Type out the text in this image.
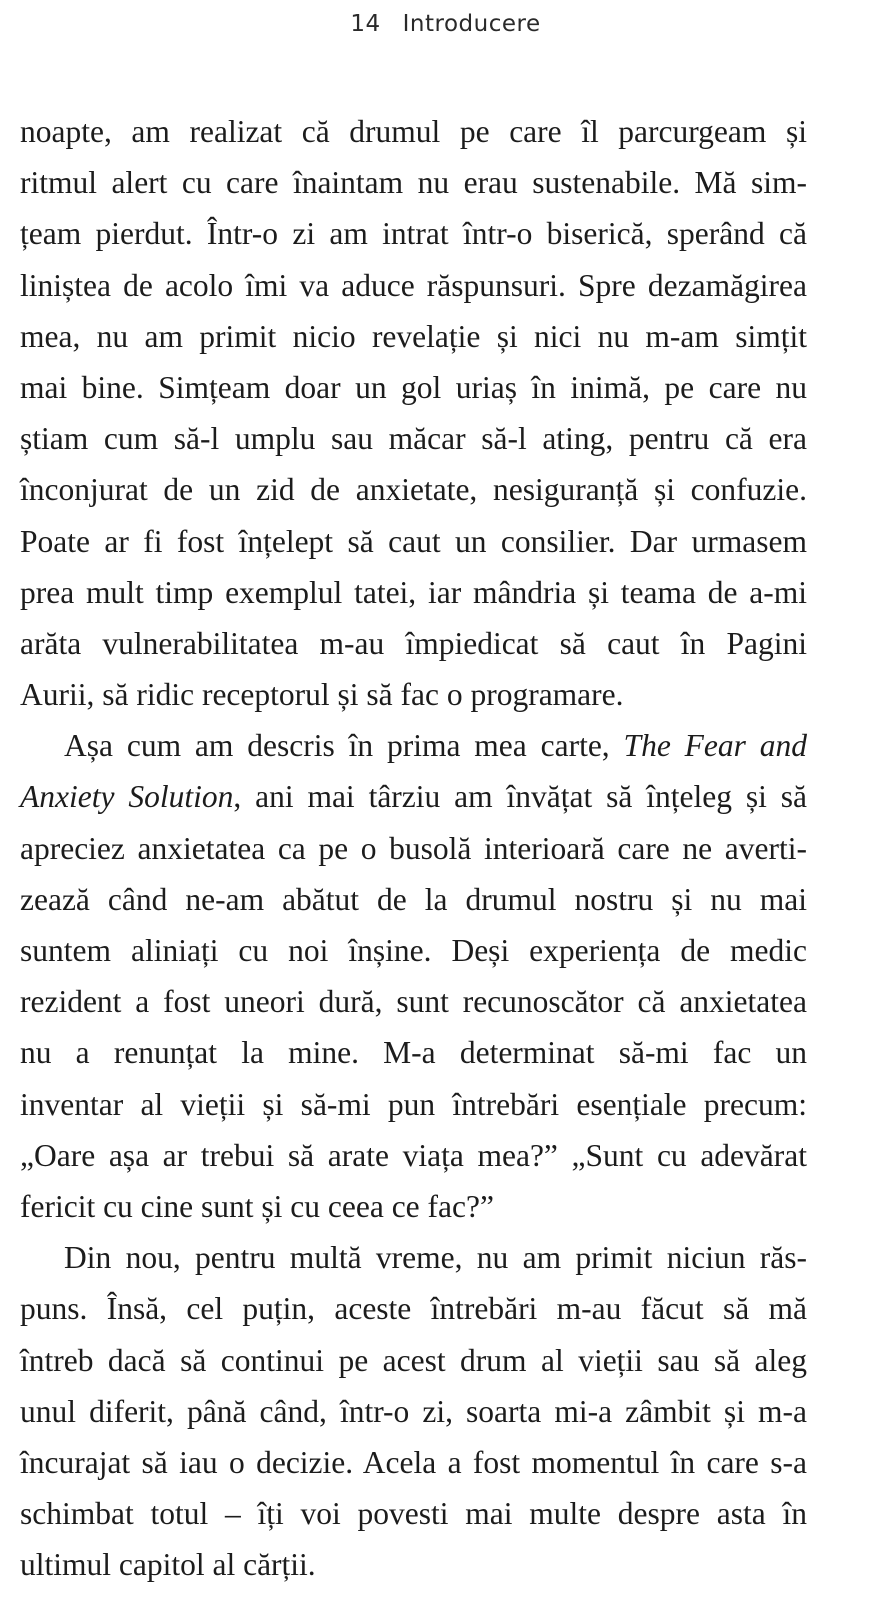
14 Introducere
noapte, am realizat că drumul pe care îl parcurgeam și
ritmul alert cu care înaintam nu erau sustenabile. Mă sim-
țeam pierdut. Într-o zi am intrat într-o biserică, sperând că
liniștea de acolo îmi va aduce răspunsuri. Spre dezamăgirea
mea, nu am primit nicio revelație și nici nu m-am simțit
mai bine. Simțeam doar un gol uriaș în inimă, pe care nu
știam cum să-l umplu sau măcar să-l ating, pentru că era
înconjurat de un zid de anxietate, nesiguranță și confuzie.
Poate ar fi fost înțelept să caut un consilier. Dar urmasem
prea mult timp exemplul tatei, iar mândria și teama de a-mi
arăta vulnerabilitatea m-au împiedicat să caut în Pagini
Aurii, să ridic receptorul și să fac o programare.
Așa cum am descris în prima mea carte, The Fear and
Anxiety Solution, ani mai târziu am învățat să înțeleg și să
apreciez anxietatea ca pe o busolă interioară care ne averti-
zează când ne-am abătut de la drumul nostru și nu mai
suntem aliniați cu noi înșine. Deși experiența de medic
rezident a fost uneori dură, sunt recunoscător că anxietatea
nu a renunțat la mine. M-a determinat să-mi fac un
inventar al vieții și să-mi pun întrebări esențiale precum:
„Oare așa ar trebui să arate viața mea?” „Sunt cu adevărat
fericit cu cine sunt și cu ceea ce fac?”
Din nou, pentru multă vreme, nu am primit niciun răs-
puns. Însă, cel puțin, aceste întrebări m-au făcut să mă
întreb dacă să continui pe acest drum al vieții sau să aleg
unul diferit, până când, într-o zi, soarta mi-a zâmbit și m-a
încurajat să iau o decizie. Acela a fost momentul în care s-a
schimbat totul – îți voi povesti mai multe despre asta în
ultimul capitol al cărții.
